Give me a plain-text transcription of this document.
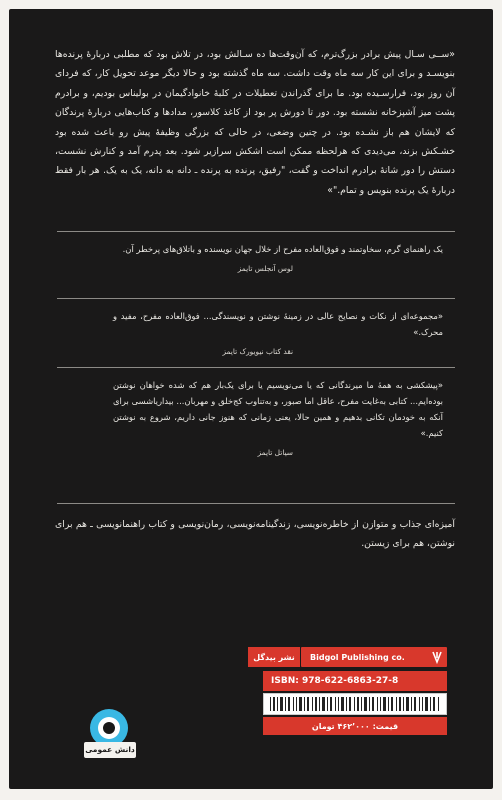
«ســی سـال پیش برادر بزرگ‌ترم، که آن‌وقت‌ها ده سـالش بود، در تلاش بود که مطلبی دربارهٔ پرنده‌ها بنویسـد و برای این کار سه ماه وقت داشت. سه ماه گذشته بود و حالا دیگر موعد تحویل کار، که فردای آن روز بود، فرارسـیده بود. ما برای گذراندن تعطیلات در کلبهٔ خانوادگیمان در بولیناس بودیم، و برادرم پشت میز آشپزخانه نشسته بود. دور تا دورش پر بود از کاغذ کلاسور، مدادها و کتاب‌هایی دربارهٔ پرندگان که لایشان هم باز نشـده بود. در چنین وضعی، در حالی که بزرگی وظیفهٔ پیش رو باعث شده بود خشـکش بزند، می‌دیدی که هرلحظه ممکن است اشکش سرازیر شود. بعد پدرم آمد و کنارش نشست، دستش را دور شانهٔ برادرم انداخت و گفت، "رفیق، پرنده به پرنده ـ دانه به دانه، یک به یک. هر بار فقط دربارهٔ یک پرنده بنویس و تمام."»
یک راهنمای گرم، سخاوتمند و فوق‌العاده مفرح از خلال جهان نویسنده و باتلاق‌های پرخطر آن.
لوس آنجلس تایمز
«مجموعه‌ای از نکات و نصایح عالی در زمینهٔ نوشتن و نویسندگی... فوق‌العاده مفرح، مفید و محرک.»
نقد کتاب نیویورک تایمز
«پیشکشی به همهٔ ما میرندگانی که یا می‌نویسیم یا برای یک‌بار هم که شده خواهان نوشتن بوده‌ایم... کتابی به‌غایت مفرح، عاقل اما صبور، و به‌تناوب کج‌خلق و مهربان... بیداریاشسی برای آنکه به خودمان تکانی بدهیم و همین حالا، یعنی زمانی که هنوز جانی داریم، شروع به نوشتن کنیم.»
سیاتل تایمز
آمیزه‌ای جذاب و متوازن از خاطره‌نویسی، زندگینامه‌نویسی، رمان‌نویسی و کتاب راهنمانویسی ـ هم برای نوشتن، هم برای زیستن.
نشر بیدگل	Bidgol Publishing co.
ISBN: 978-622-6863-27-8
قیمت: ۴۶۲٬۰۰۰ تومان
دانش عمومی
